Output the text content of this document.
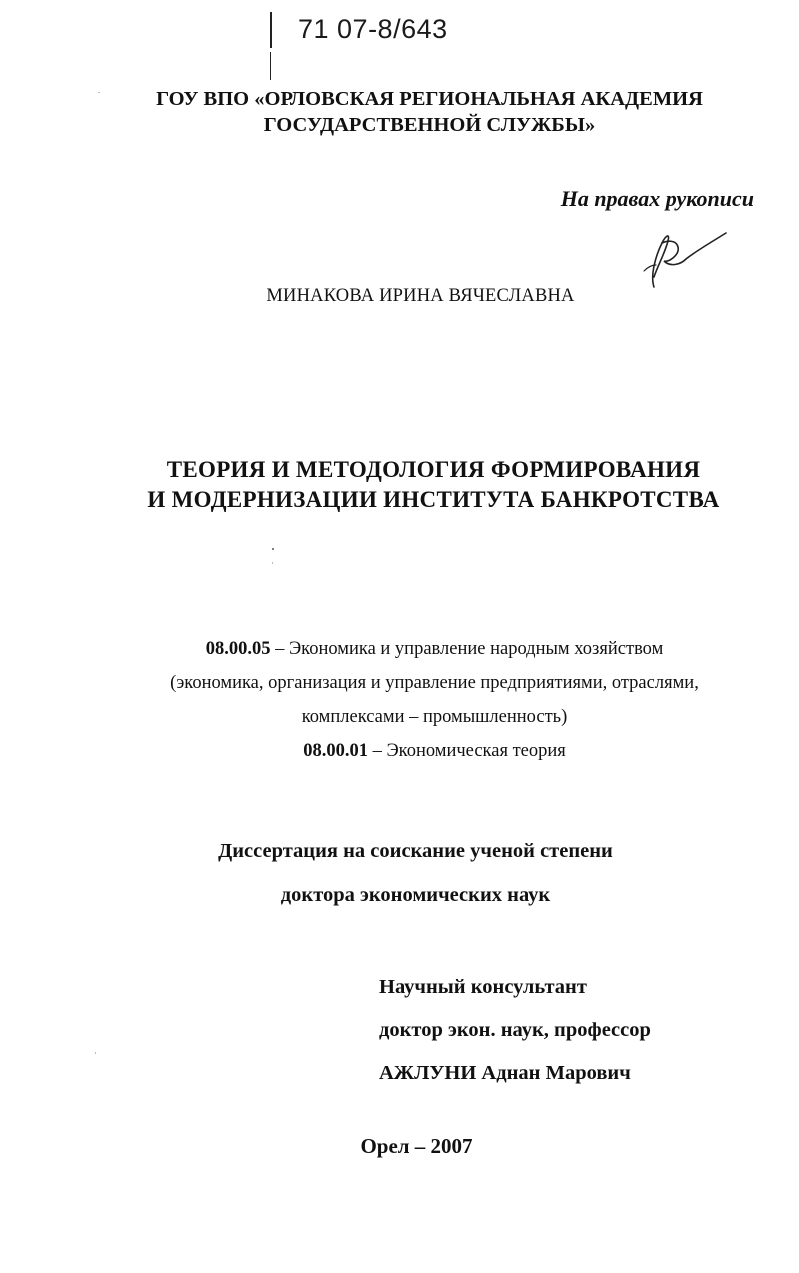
71 07-8/643
ГОУ ВПО «ОРЛОВСКАЯ РЕГИОНАЛЬНАЯ АКАДЕМИЯ
ГОСУДАРСТВЕННОЙ СЛУЖБЫ»
На правах рукописи
МИНАКОВА ИРИНА ВЯЧЕСЛАВНА
ТЕОРИЯ И МЕТОДОЛОГИЯ ФОРМИРОВАНИЯ
И МОДЕРНИЗАЦИИ ИНСТИТУТА БАНКРОТСТВА
08.00.05 – Экономика и управление народным хозяйством
(экономика, организация и управление предприятиями, отраслями,
комплексами – промышленность)
08.00.01 – Экономическая теория
Диссертация на соискание ученой степени
доктора экономических наук
Научный консультант
доктор экон. наук, профессор
АЖЛУНИ Аднан Марович
Орел – 2007
